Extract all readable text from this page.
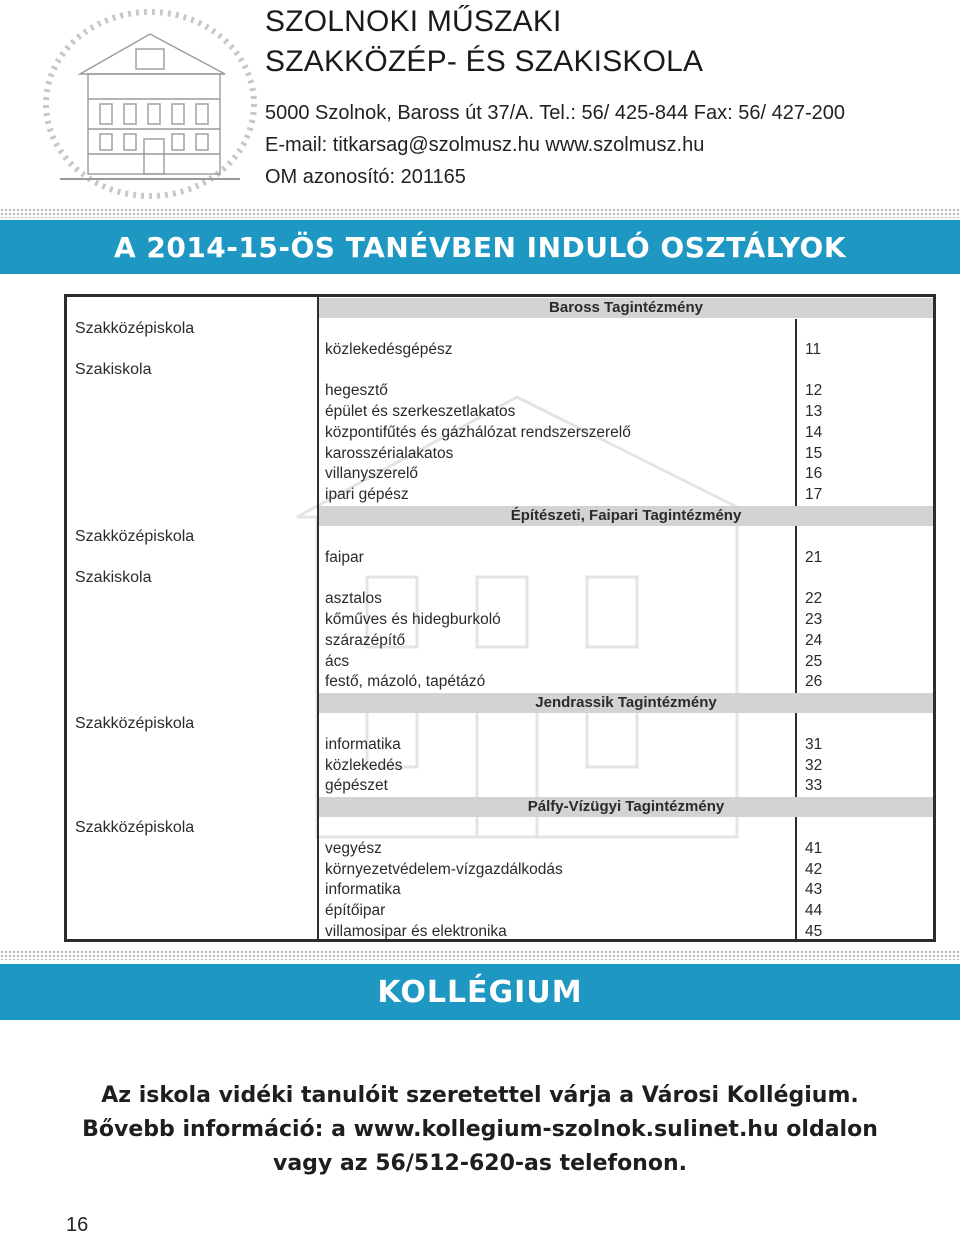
SZOLNOKI MŰSZAKI
SZAKKÖZÉP- ÉS SZAKISKOLA
5000 Szolnok, Baross út 37/A. Tel.: 56/ 425-844 Fax: 56/ 427-200
E-mail: titkarsag@szolmusz.hu www.szolmusz.hu
OM azonosító: 201165
A 2014-15-ÖS TANÉVBEN INDULÓ OSZTÁLYOK
Baross Tagintézmény
Szakközépiskola
közlekedésgépész	11
Szakiskola
hegesztő	12
épület és szerkeszetlakatos	13
központifűtés és gázhálózat rendszerszerelő	14
karosszérialakatos	15
villanyszerelő	16
ipari gépész	17
Építészeti, Faipari Tagintézmény
Szakközépiskola
faipar	21
Szakiskola
asztalos	22
kőműves és hidegburkoló	23
szárazépítő	24
ács	25
festő, mázoló, tapétázó	26
Jendrassik Tagintézmény
Szakközépiskola
informatika	31
közlekedés	32
gépészet	33
Pálfy-Vízügyi Tagintézmény
Szakközépiskola
vegyész	41
környezetvédelem-vízgazdálkodás	42
informatika	43
építőipar	44
villamosipar és elektronika	45
KOLLÉGIUM
Az iskola vidéki tanulóit szeretettel várja a Városi Kollégium.
Bővebb információ: a www.kollegium-szolnok.sulinet.hu oldalon
vagy az 56/512-620-as telefonon.
16
